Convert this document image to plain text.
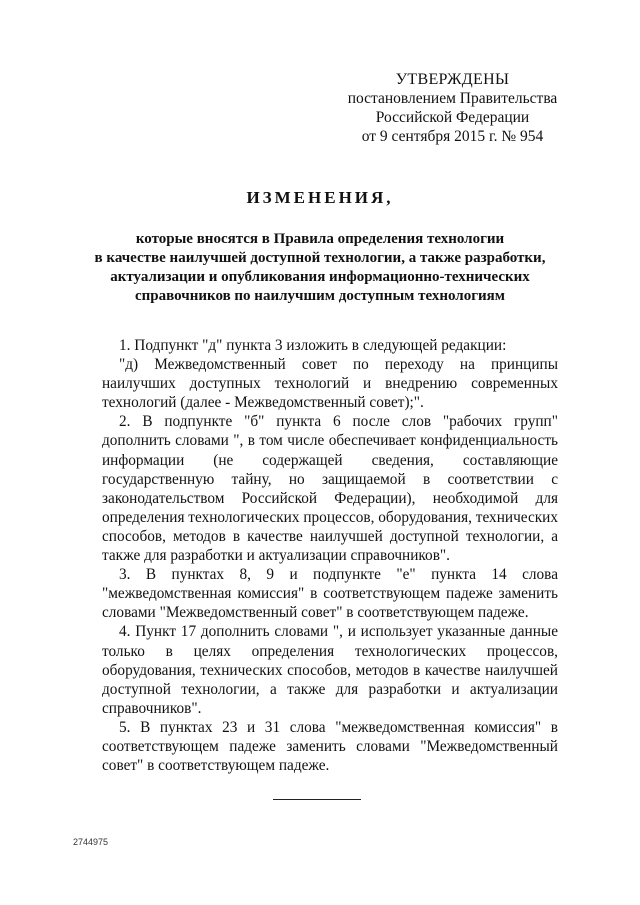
УТВЕРЖДЕНЫ
постановлением Правительства
Российской Федерации
от 9 сентября 2015 г. № 954
ИЗМЕНЕНИЯ,
которые вносятся в Правила определения технологии
в качестве наилучшей доступной технологии, а также разработки,
актуализации и опубликования информационно-технических
справочников по наилучшим доступным технологиям

1. Подпункт "д" пункта 3 изложить в следующей редакции:

"д) Межведомственный совет по переходу на принципы наилучших доступных технологий и внедрению современных технологий (далее - Межведомственный совет);".

2. В подпункте "б" пункта 6 после слов "рабочих групп" дополнить словами ", в том числе обеспечивает конфиденциальность информации (не содержащей сведения, составляющие государственную тайну, но защищаемой в соответствии с законодательством Российской Федерации), необходимой для определения технологических процессов, оборудования, технических способов, методов в качестве наилучшей доступной технологии, а также для разработки и актуализации справочников".

3. В пунктах 8, 9 и подпункте "е" пункта 14 слова "межведомственная комиссия" в соответствующем падеже заменить словами "Межведомственный совет" в соответствующем падеже.

4. Пункт 17 дополнить словами ", и использует указанные данные только в целях определения технологических процессов, оборудования, технических способов, методов в качестве наилучшей доступной технологии, а также для разработки и актуализации справочников".

5. В пунктах 23 и 31 слова "межведомственная комиссия" в соответствующем падеже заменить словами "Межведомственный совет" в соответствующем падеже.

2744975
